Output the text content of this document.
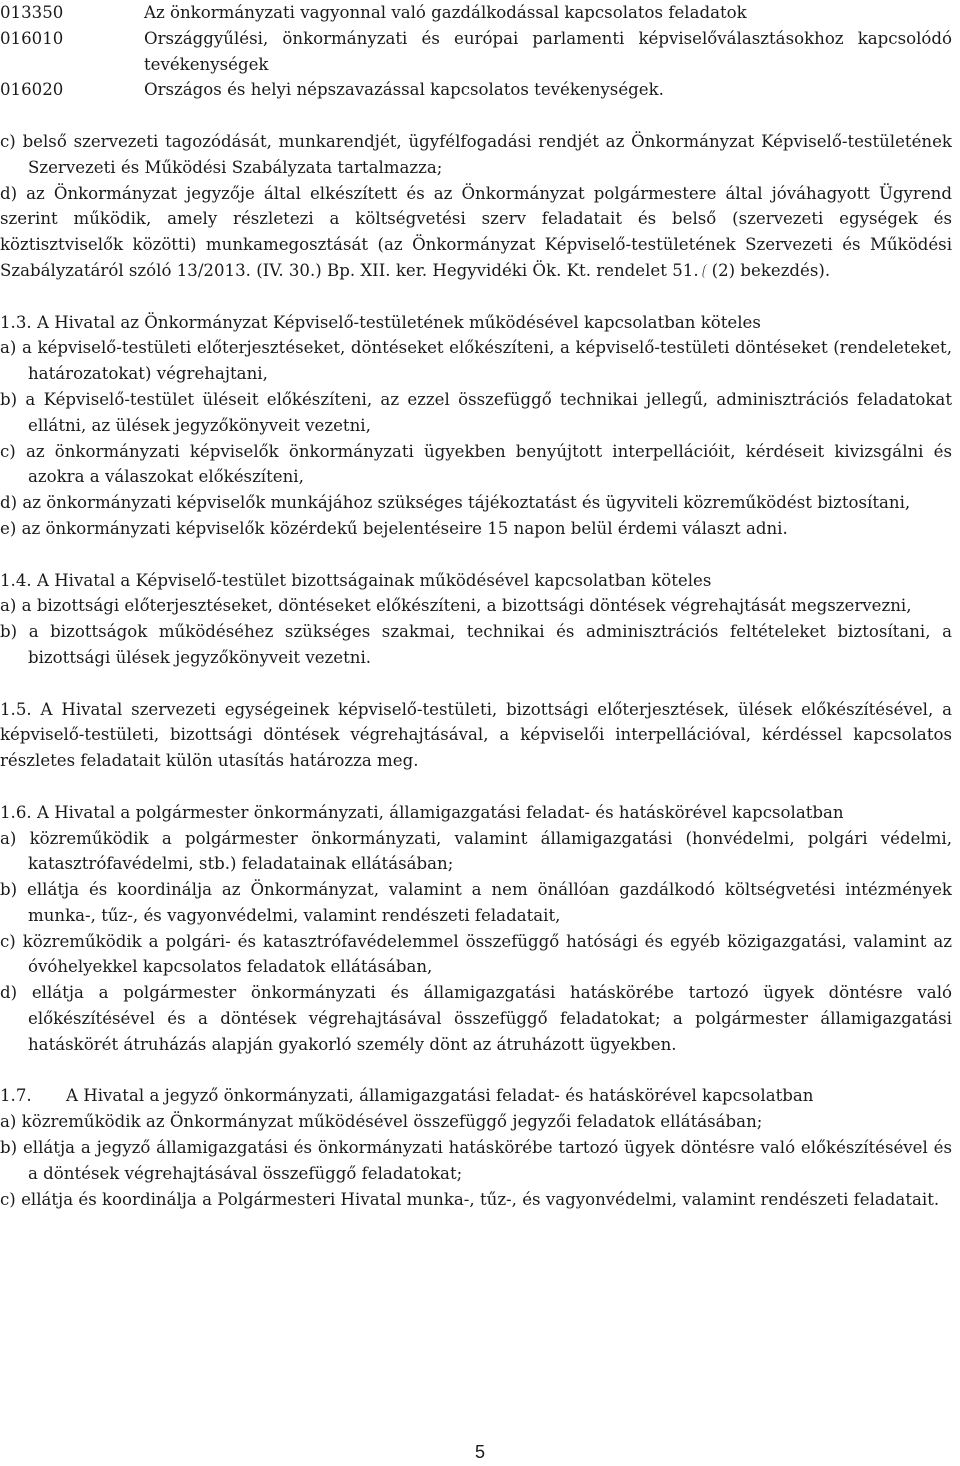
013350	Az önkormányzati vagyonnal való gazdálkodással kapcsolatos feladatok
016010	Országgyűlési, önkormányzati és európai parlamenti képviselőválasztásokhoz kapcsolódó tevékenységek
016020	Országos és helyi népszavazással kapcsolatos tevékenységek.

c) belső szervezeti tagozódását, munkarendjét, ügyfélfogadási rendjét az Önkormányzat Képviselő-testületének Szervezeti és Működési Szabályzata tartalmazza;

d) az Önkormányzat jegyzője által elkészített és az Önkormányzat polgármestere által jóváhagyott Ügyrend szerint működik, amely részletezi a költségvetési szerv feladatait és belső (szervezeti egységek és köztisztviselők közötti) munkamegosztását (az Önkormányzat Képviselő-testületének Szervezeti és Működési Szabályzatáról szóló 13/2013. (IV. 30.) Bp. XII. ker. Hegyvidéki Ök. Kt. rendelet 51. (2) bekezdés).

1.3. A Hivatal az Önkormányzat Képviselő-testületének működésével kapcsolatban köteles

a) a képviselő-testületi előterjesztéseket, döntéseket előkészíteni, a képviselő-testületi döntéseket (rendeleteket, határozatokat) végrehajtani,

b) a Képviselő-testület üléseit előkészíteni, az ezzel összefüggő technikai jellegű, adminisztrációs feladatokat ellátni, az ülések jegyzőkönyveit vezetni,

c) az önkormányzati képviselők önkormányzati ügyekben benyújtott interpellációit, kérdéseit kivizsgálni és azokra a válaszokat előkészíteni,

d) az önkormányzati képviselők munkájához szükséges tájékoztatást és ügyviteli közreműködést biztosítani,

e) az önkormányzati képviselők közérdekű bejelentéseire 15 napon belül érdemi választ adni.

1.4. A Hivatal a Képviselő-testület bizottságainak működésével kapcsolatban köteles

a) a bizottsági előterjesztéseket, döntéseket előkészíteni, a bizottsági döntések végrehajtását megszervezni,

b) a bizottságok működéséhez szükséges szakmai, technikai és adminisztrációs feltételeket biztosítani, a bizottsági ülések jegyzőkönyveit vezetni.

1.5. A Hivatal szervezeti egységeinek képviselő-testületi, bizottsági előterjesztések, ülések előkészítésével, a képviselő-testületi, bizottsági döntések végrehajtásával, a képviselői interpellációval, kérdéssel kapcsolatos részletes feladatait külön utasítás határozza meg.

1.6. A Hivatal a polgármester önkormányzati, államigazgatási feladat- és hatáskörével kapcsolatban

a) közreműködik a polgármester önkormányzati, valamint államigazgatási (honvédelmi, polgári védelmi, katasztrófavédelmi, stb.) feladatainak ellátásában;

b) ellátja és koordinálja az Önkormányzat, valamint a nem önállóan gazdálkodó költségvetési intézmények munka-, tűz-, és vagyonvédelmi, valamint rendészeti feladatait,

c) közreműködik a polgári- és katasztrófavédelemmel összefüggő hatósági és egyéb közigazgatási, valamint az óvóhelyekkel kapcsolatos feladatok ellátásában,

d) ellátja a polgármester önkormányzati és államigazgatási hatáskörébe tartozó ügyek döntésre való előkészítésével és a döntések végrehajtásával összefüggő feladatokat; a polgármester államigazgatási hatáskörét átruházás alapján gyakorló személy dönt az átruházott ügyekben.

1.7. A Hivatal a jegyző önkormányzati, államigazgatási feladat- és hatáskörével kapcsolatban

a) közreműködik az Önkormányzat működésével összefüggő jegyzői feladatok ellátásában;

b) ellátja a jegyző államigazgatási és önkormányzati hatáskörébe tartozó ügyek döntésre való előkészítésével és a döntések végrehajtásával összefüggő feladatokat;

c) ellátja és koordinálja a Polgármesteri Hivatal munka-, tűz-, és vagyonvédelmi, valamint rendészeti feladatait.

5
